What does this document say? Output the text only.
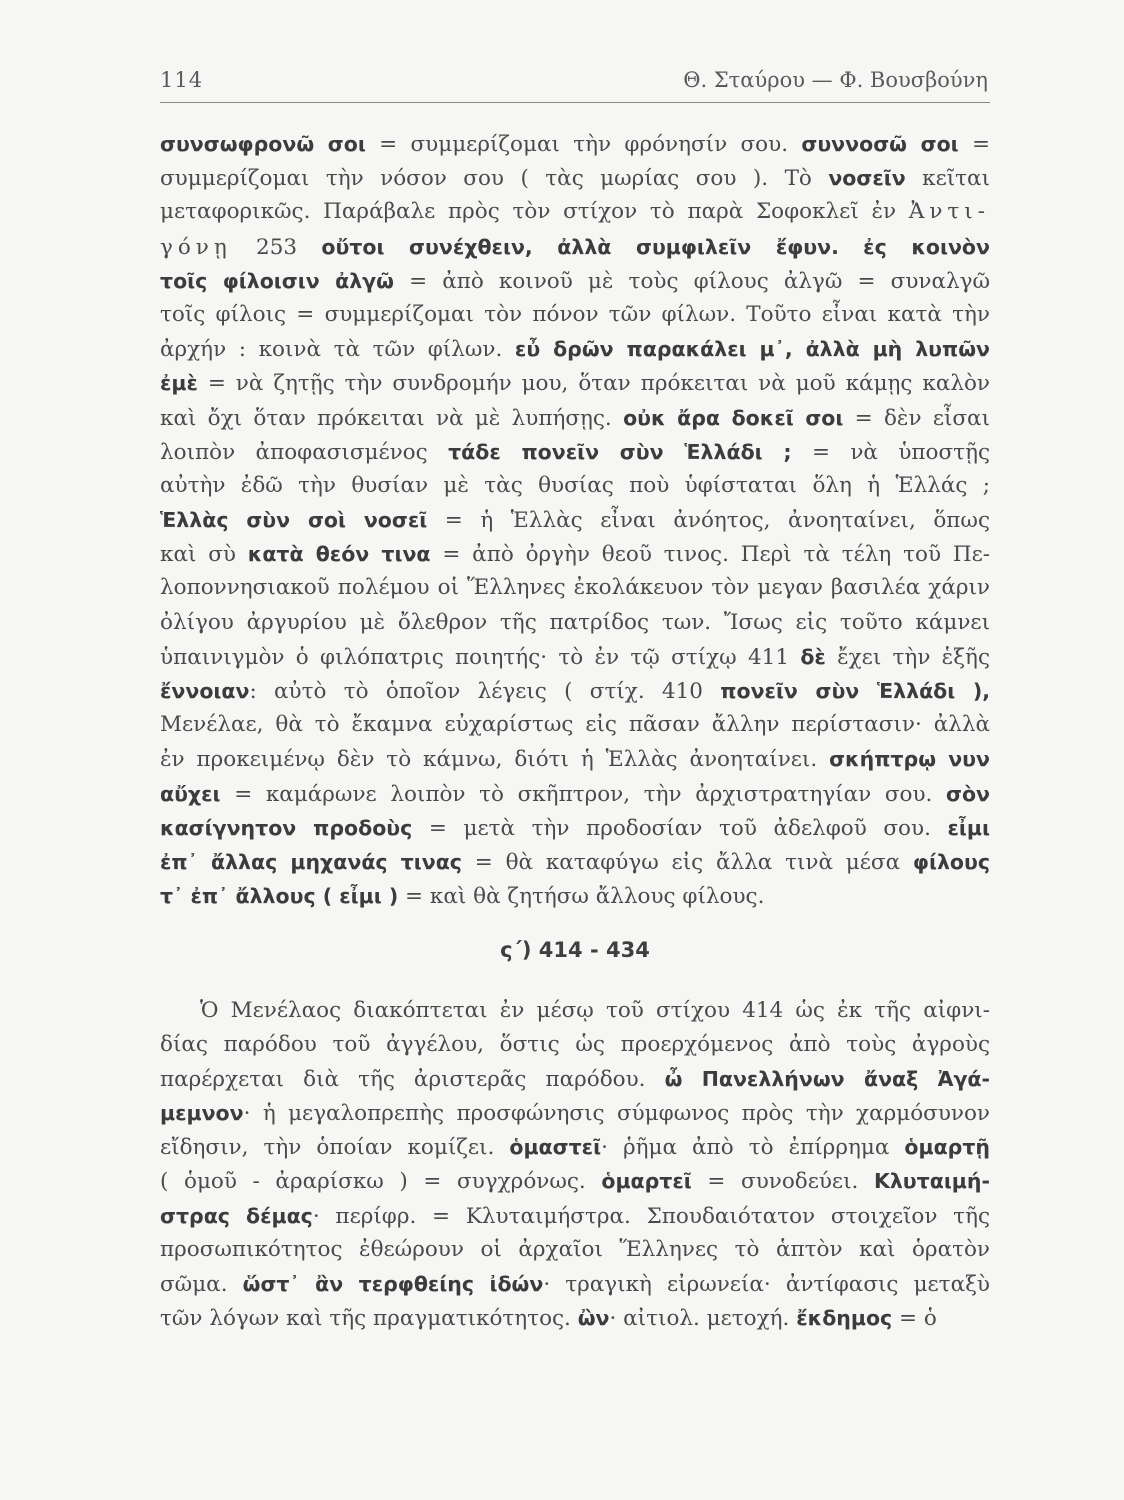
114	Θ. Σταύρου — Φ. Βουσβούνη
συνσωφρονῶ σοι = συμμερίζομαι τὴν φρόνησίν σου. συννοσῶ σοι =
συμμερίζομαι τὴν νόσον σου ( τὰς μωρίας σου ). Τὸ νοσεῖν κεῖται
μεταφορικῶς. Παράβαλε πρὸς τὸν στίχον τὸ παρὰ Σοφοκλεῖ ἐν Ἀντι-
γόνῃ 253 οὔτοι συνέχθειν, ἀλλὰ συμφιλεῖν ἔφυν. ἐς κοινὸν
τοῖς φίλοισιν ἀλγῶ = ἀπὸ κοινοῦ μὲ τοὺς φίλους ἀλγῶ = συναλγῶ
τοῖς φίλοις = συμμερίζομαι τὸν πόνον τῶν φίλων. Τοῦτο εἶναι κατὰ τὴν
ἀρχήν : κοινὰ τὰ τῶν φίλων. εὖ δρῶν παρακάλει μ᾽, ἀλλὰ μὴ λυπῶν
ἐμὲ = νὰ ζητῇς τὴν συνδρομήν μου, ὅταν πρόκειται νὰ μοῦ κάμῃς καλὸν
καὶ ὄχι ὅταν πρόκειται νὰ μὲ λυπήσῃς. οὐκ ἄρα δοκεῖ σοι = δὲν εἶσαι
λοιπὸν ἀποφασισμένος τάδε πονεῖν σὺν Ἑλλάδι ; = νὰ ὑποστῇς
αὐτὴν ἐδῶ τὴν θυσίαν μὲ τὰς θυσίας ποὺ ὑφίσταται ὅλη ἡ Ἑλλάς ;
Ἑλλὰς σὺν σοὶ νοσεῖ = ἡ Ἑλλὰς εἶναι ἀνόητος, ἀνοηταίνει, ὅπως
καὶ σὺ κατὰ θεόν τινα = ἀπὸ ὀργὴν θεοῦ τινος. Περὶ τὰ τέλη τοῦ Πε-
λοποννησιακοῦ πολέμου οἱ Ἕλληνες ἐκολάκευον τὸν μεγαν βασιλέα χάριν
ὀλίγου ἀργυρίου μὲ ὄλεθρον τῆς πατρίδος των. Ἴσως εἰς τοῦτο κάμνει
ὑπαινιγμὸν ὁ φιλόπατρις ποιητής· τὸ ἐν τῷ στίχῳ 411 δὲ ἔχει τὴν ἑξῆς
ἔννοιαν: αὐτὸ τὸ ὁποῖον λέγεις ( στίχ. 410 πονεῖν σὺν Ἑλλάδι ),
Μενέλαε, θὰ τὸ ἔκαμνα εὐχαρίστως εἰς πᾶσαν ἄλλην περίστασιν· ἀλλὰ
ἐν προκειμένῳ δὲν τὸ κάμνω, διότι ἡ Ἑλλὰς ἀνοηταίνει. σκήπτρῳ νυν
αὔχει = καμάρωνε λοιπὸν τὸ σκῆπτρον, τὴν ἀρχιστρατηγίαν σου. σὸν
κασίγνητον προδοὺς = μετὰ τὴν προδοσίαν τοῦ ἀδελφοῦ σου. εἶμι
ἐπ᾽ ἄλλας μηχανάς τινας = θὰ καταφύγω εἰς ἄλλα τινὰ μέσα φίλους
τ᾽ ἐπ᾽ ἄλλους ( εἶμι ) = καὶ θὰ ζητήσω ἄλλους φίλους.
ς΄) 414 - 434
Ὁ Μενέλαος διακόπτεται ἐν μέσῳ τοῦ στίχου 414 ὡς ἐκ τῆς αἰφνι-
δίας παρόδου τοῦ ἀγγέλου, ὅστις ὡς προερχόμενος ἀπὸ τοὺς ἀγροὺς
παρέρχεται διὰ τῆς ἀριστερᾶς παρόδου. ὦ Πανελλήνων ἄναξ Ἀγά-
μεμνον· ἡ μεγαλοπρεπὴς προσφώνησις σύμφωνος πρὸς τὴν χαρμόσυνον
εἴδησιν, τὴν ὁποίαν κομίζει. ὁμαστεῖ· ῥῆμα ἀπὸ τὸ ἐπίρρημα ὁμαρτῇ
( ὁμοῦ - ἀραρίσκω ) = συγχρόνως. ὁμαρτεῖ = συνοδεύει. Κλυταιμή-
στρας δέμας· περίφρ. = Κλυταιμήστρα. Σπουδαιότατον στοιχεῖον τῆς
προσωπικότητος ἐθεώρουν οἱ ἀρχαῖοι Ἕλληνες τὸ ἁπτὸν καὶ ὁρατὸν
σῶμα. ὥστ᾽ ἂν τερφθείης ἰδών· τραγικὴ εἰρωνεία· ἀντίφασις μεταξὺ
τῶν λόγων καὶ τῆς πραγματικότητος. ὢν· αἰτιολ. μετοχή. ἔκδημος = ὁ
